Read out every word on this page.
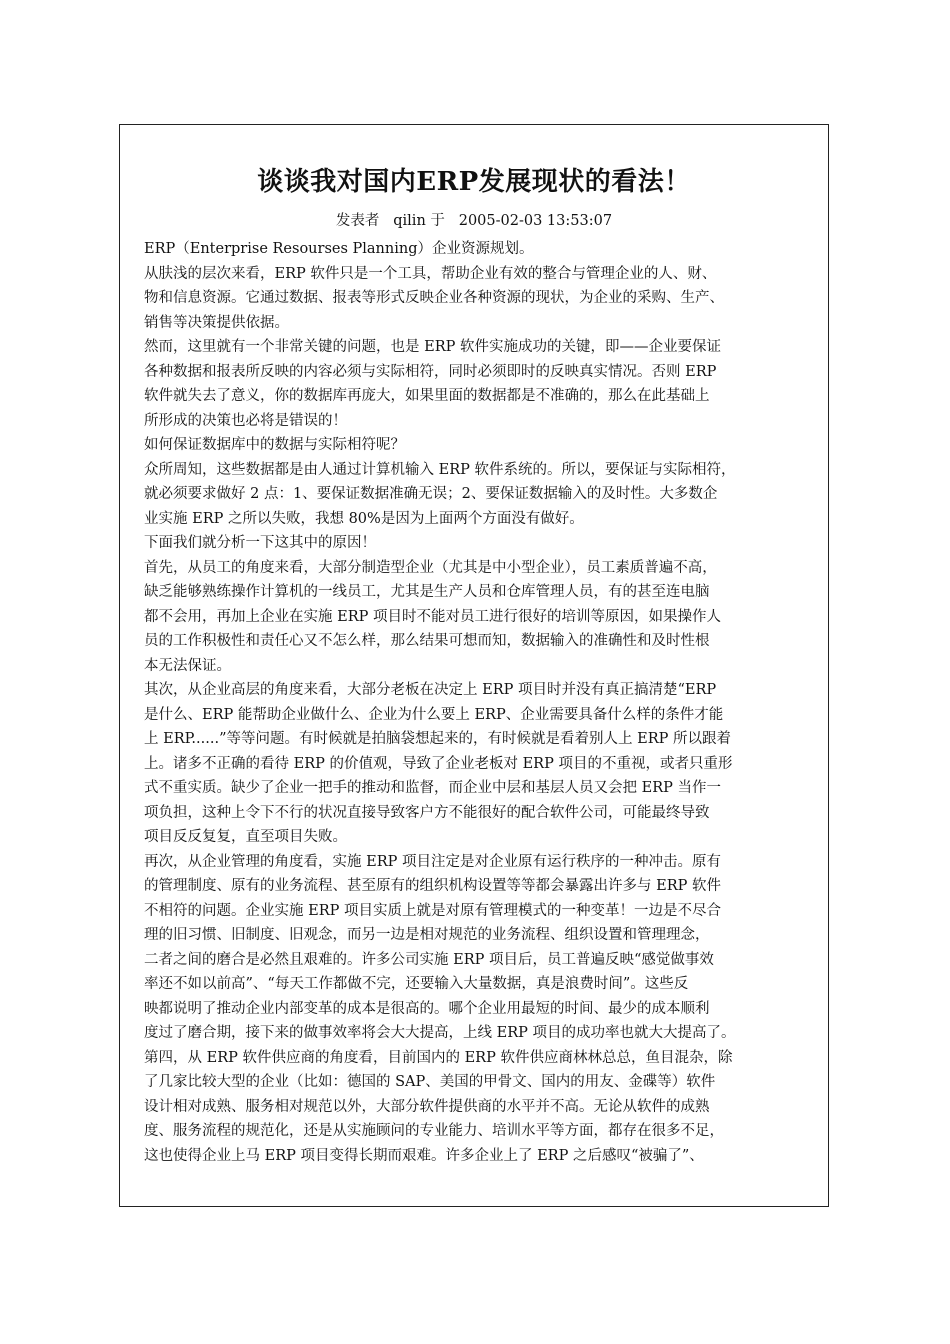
谈谈我对国内ERP发展现状的看法！
发表者   qilin 于   2005-02-03 13:53:07
ERP（Enterprise Resourses Planning）企业资源规划。
从肤浅的层次来看，ERP 软件只是一个工具，帮助企业有效的整合与管理企业的人、财、
物和信息资源。它通过数据、报表等形式反映企业各种资源的现状，为企业的采购、生产、
销售等决策提供依据。
然而，这里就有一个非常关键的问题，也是 ERP 软件实施成功的关键，即——企业要保证
各种数据和报表所反映的内容必须与实际相符，同时必须即时的反映真实情况。否则 ERP
软件就失去了意义，你的数据库再庞大，如果里面的数据都是不准确的，那么在此基础上
所形成的决策也必将是错误的！
如何保证数据库中的数据与实际相符呢？
众所周知，这些数据都是由人通过计算机输入 ERP 软件系统的。所以，要保证与实际相符，
就必须要求做好 2 点：1、要保证数据准确无误；2、要保证数据输入的及时性。大多数企
业实施 ERP 之所以失败，我想 80%是因为上面两个方面没有做好。
下面我们就分析一下这其中的原因！
首先，从员工的角度来看，大部分制造型企业（尤其是中小型企业），员工素质普遍不高，
缺乏能够熟练操作计算机的一线员工，尤其是生产人员和仓库管理人员，有的甚至连电脑
都不会用，再加上企业在实施 ERP 项目时不能对员工进行很好的培训等原因，如果操作人
员的工作积极性和责任心又不怎么样，那么结果可想而知，数据输入的准确性和及时性根
本无法保证。
其次，从企业高层的角度来看，大部分老板在决定上 ERP 项目时并没有真正搞清楚“ERP
是什么、ERP 能帮助企业做什么、企业为什么要上 ERP、企业需要具备什么样的条件才能
上 ERP......”等等问题。有时候就是拍脑袋想起来的，有时候就是看着别人上 ERP 所以跟着
上。诸多不正确的看待 ERP 的价值观，导致了企业老板对 ERP 项目的不重视，或者只重形
式不重实质。缺少了企业一把手的推动和监督，而企业中层和基层人员又会把 ERP 当作一
项负担，这种上令下不行的状况直接导致客户方不能很好的配合软件公司，可能最终导致
项目反反复复，直至项目失败。
再次，从企业管理的角度看，实施 ERP 项目注定是对企业原有运行秩序的一种冲击。原有
的管理制度、原有的业务流程、甚至原有的组织机构设置等等都会暴露出许多与 ERP 软件
不相符的问题。企业实施 ERP 项目实质上就是对原有管理模式的一种变革！一边是不尽合
理的旧习惯、旧制度、旧观念，而另一边是相对规范的业务流程、组织设置和管理理念，
二者之间的磨合是必然且艰难的。许多公司实施 ERP 项目后，员工普遍反映“感觉做事效
率还不如以前高”、“每天工作都做不完，还要输入大量数据，真是浪费时间”。这些反
映都说明了推动企业内部变革的成本是很高的。哪个企业用最短的时间、最少的成本顺利
度过了磨合期，接下来的做事效率将会大大提高，上线 ERP 项目的成功率也就大大提高了。
第四，从 ERP 软件供应商的角度看，目前国内的 ERP 软件供应商林林总总，鱼目混杂，除
了几家比较大型的企业（比如：德国的 SAP、美国的甲骨文、国内的用友、金碟等）软件
设计相对成熟、服务相对规范以外，大部分软件提供商的水平并不高。无论从软件的成熟
度、服务流程的规范化，还是从实施顾问的专业能力、培训水平等方面，都存在很多不足，
这也使得企业上马 ERP 项目变得长期而艰难。许多企业上了 ERP 之后感叹“被骗了”、
